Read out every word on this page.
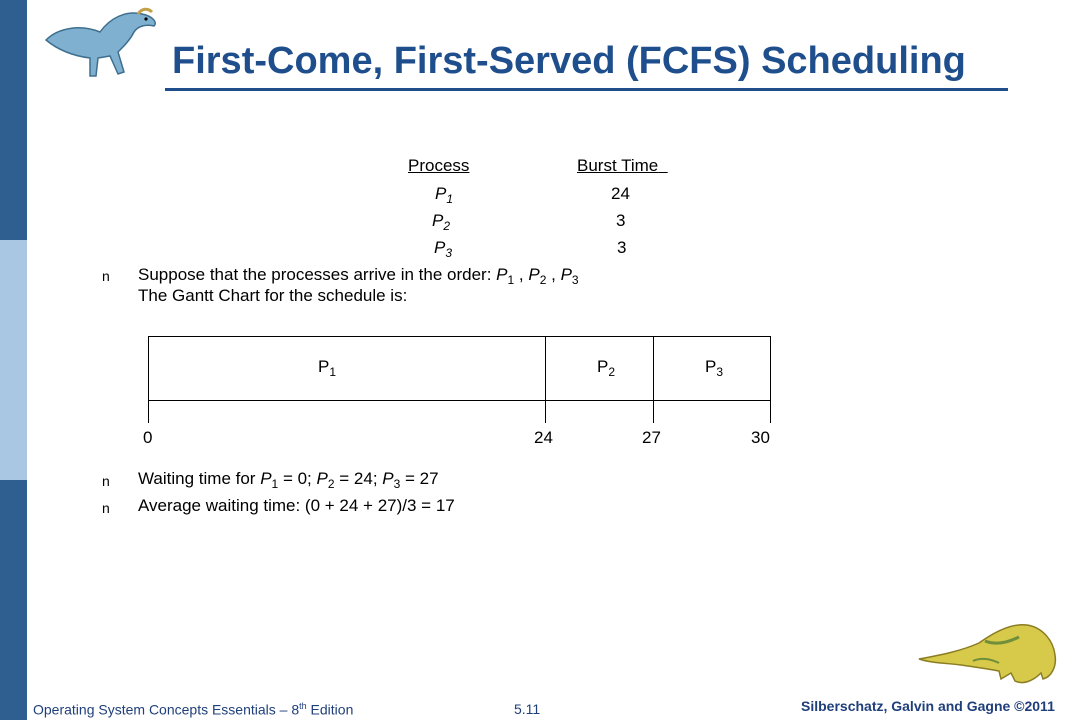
First-Come, First-Served (FCFS) Scheduling
Process	Burst Time
$P_1$	24
$P_2$	3
$P_3$	3
n Suppose that the processes arrive in the order: $P_1$ , $P_2$ , $P_3$
The Gantt Chart for the schedule is:
$P_1$	$P_2$	$P_3$
0	24	27	30
n Waiting time for $P_1 = 0$; $P_2 = 24$; $P_3 = 27$
n Average waiting time: (0 + 24 + 27)/3 = 17
Operating System Concepts Essentials – 8th Edition	5.11	Silberschatz, Galvin and Gagne ©2011
